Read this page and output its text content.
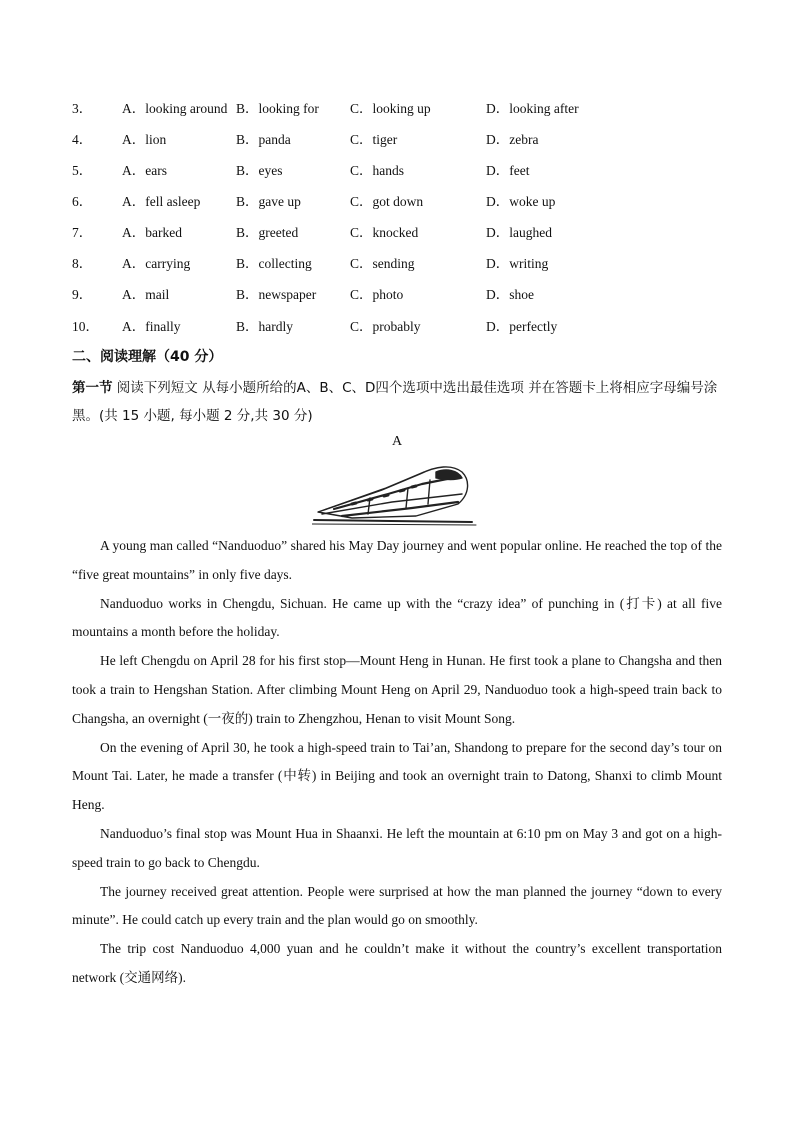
3． A．looking around B．looking for C．looking up	D．looking after
4． A．lion	B．panda	C．tiger	D．zebra
5． A．ears	B．eyes	C．hands	D．feet
6． A．fell asleep	B．gave up	C．got down	D．woke up
7． A．barked	B．greeted	C．knocked	D．laughed
8． A．carrying	B．collecting	C．sending	D．writing
9． A．mail	B．newspaper	C．photo	D．shoe
10． A．finally	B．hardly	C．probably	D．perfectly
二、阅读理解（40 分）
第一节 阅读下列短文 从每小题所给的A、B、C、D四个选项中选出最佳选项 并在答题卡上将相应字母编号涂黑。(共 15 小题, 每小题 2 分,共 30 分)
A

A young man called “Nanduoduo” shared his May Day journey and went popular online. He reached the top of the “five great mountains” in only five days.

Nanduoduo works in Chengdu, Sichuan. He came up with the “crazy idea” of punching in (打卡) at all five mountains a month before the holiday.

He left Chengdu on April 28 for his first stop—Mount Heng in Hunan. He first took a plane to Changsha and then took a train to Hengshan Station. After climbing Mount Heng on April 29, Nanduoduo took a high-speed train back to Changsha, an overnight (一夜的) train to Zhengzhou, Henan to visit Mount Song.

On the evening of April 30, he took a high-speed train to Tai’an, Shandong to prepare for the second day’s tour on Mount Tai. Later, he made a transfer (中转) in Beijing and took an overnight train to Datong, Shanxi to climb Mount Heng.

Nanduoduo’s final stop was Mount Hua in Shaanxi. He left the mountain at 6:10 pm on May 3 and got on a high-speed train to go back to Chengdu.

The journey received great attention. People were surprised at how the man planned the journey “down to every minute”. He could catch up every train and the plan would go on smoothly.

The trip cost Nanduoduo 4,000 yuan and he couldn’t make it without the country’s excellent transportation network (交通网络).
